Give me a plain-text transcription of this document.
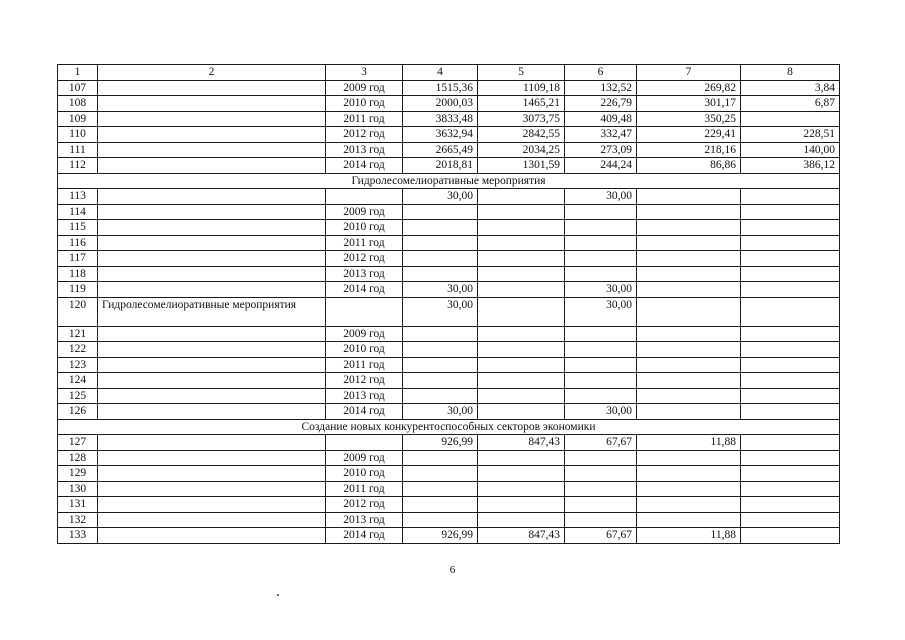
1	2	3	4	5	6	7	8
107		2009 год	1515,36	1109,18	132,52	269,82	3,84
108		2010 год	2000,03	1465,21	226,79	301,17	6,87
109		2011 год	3833,48	3073,75	409,48	350,25	
110		2012 год	3632,94	2842,55	332,47	229,41	228,51
111		2013 год	2665,49	2034,25	273,09	218,16	140,00
112		2014 год	2018,81	1301,59	244,24	86,86	386,12
Гидролесомелиоративные мероприятия							
113			30,00		30,00		
114		2009 год					
115		2010 год					
116		2011 год					
117		2012 год					
118		2013 год					
119		2014 год	30,00		30,00		
120	Гидролесомелиоративные мероприятия		30,00		30,00		
121		2009 год					
122		2010 год					
123		2011 год					
124		2012 год					
125		2013 год					
126		2014 год	30,00		30,00		
Создание новых конкурентоспособных секторов экономики							
127			926,99	847,43	67,67	11,88	
128		2009 год					
129		2010 год					
130		2011 год					
131		2012 год					
132		2013 год					
133		2014 год	926,99	847,43	67,67	11,88	
6
